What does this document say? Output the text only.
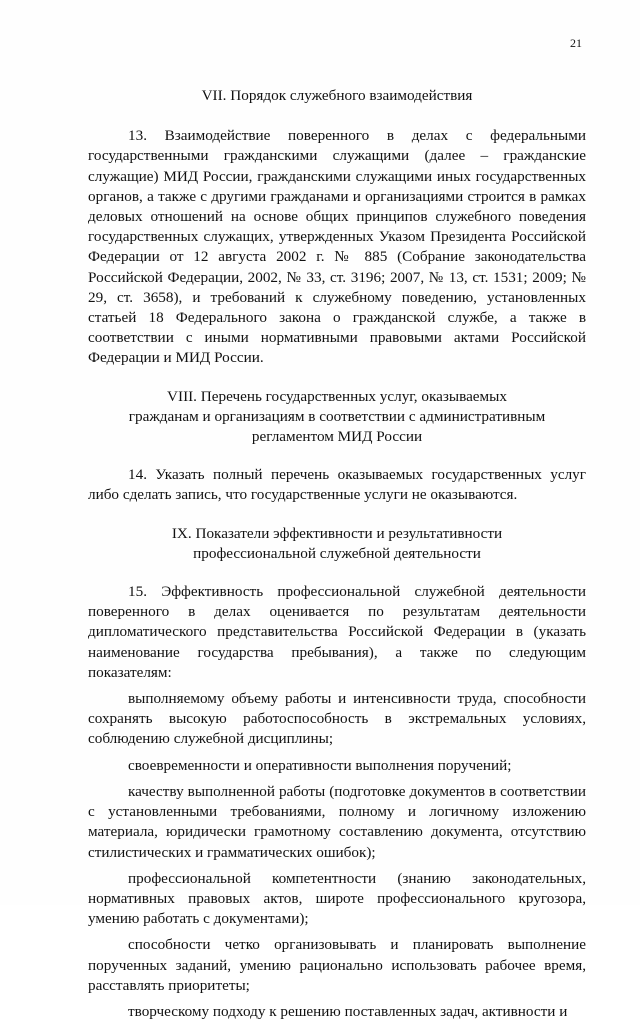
21
VII. Порядок служебного взаимодействия

13. Взаимодействие поверенного в делах с федеральными государственными гражданскими служащими (далее – гражданские служащие) МИД России, гражданскими служащими иных государственных органов, а также с другими гражданами и организациями строится в рамках деловых отношений на основе общих принципов служебного поведения государственных служащих, утвержденных Указом Президента Российской Федерации от 12 августа 2002 г. № 885 (Собрание законодательства Российской Федерации, 2002, № 33, ст. 3196; 2007, № 13, ст. 1531; 2009; № 29, ст. 3658), и требований к служебному поведению, установленных статьей 18 Федерального закона о гражданской службе, а также в соответствии с иными нормативными правовыми актами Российской Федерации и МИД России.

VIII. Перечень государственных услуг, оказываемых
гражданам и организациям в соответствии с административным
регламентом МИД России

14. Указать полный перечень оказываемых государственных услуг либо сделать запись, что государственные услуги не оказываются.

IX. Показатели эффективности и результативности
профессиональной служебной деятельности

15. Эффективность профессиональной служебной деятельности поверенного в делах оценивается по результатам деятельности дипломатического представительства Российской Федерации в (указать наименование государства пребывания), а также по следующим показателям:

выполняемому объему работы и интенсивности труда, способности сохранять высокую работоспособность в экстремальных условиях, соблюдению служебной дисциплины;

своевременности и оперативности выполнения поручений;

качеству выполненной работы (подготовке документов в соответствии с установленными требованиями, полному и логичному изложению материала, юридически грамотному составлению документа, отсутствию стилистических и грамматических ошибок);

профессиональной компетентности (знанию законодательных, нормативных правовых актов, широте профессионального кругозора, умению работать с документами);

способности четко организовывать и планировать выполнение порученных заданий, умению рационально использовать рабочее время, расставлять приоритеты;

творческому подходу к решению поставленных задач, активности и
